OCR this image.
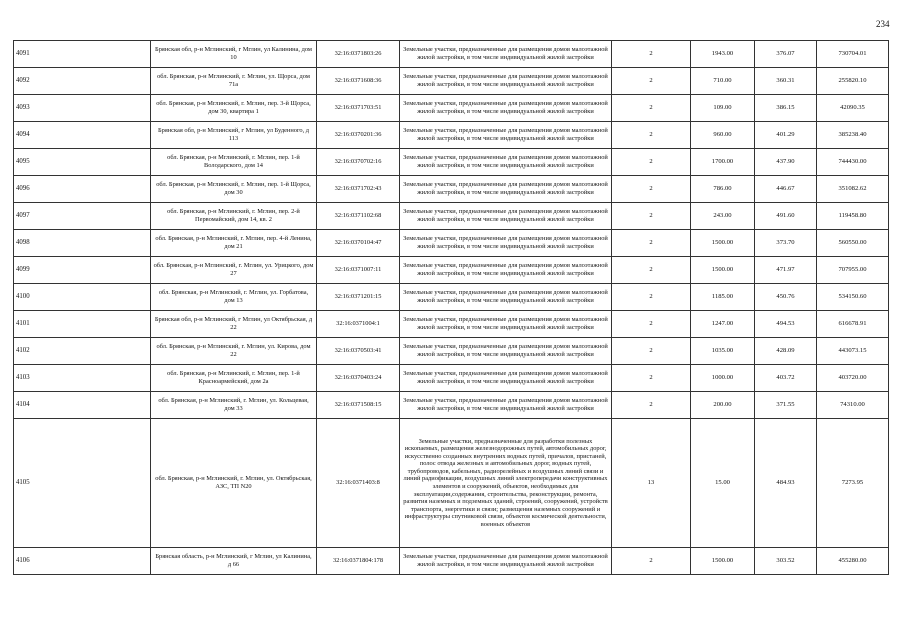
234
4091	Брянская обл, р-н Мглинский, г Мглин, ул Калинина, дом 10	32:16:0371803:26	Земельные участки, предназначенные для размещения домов малоэтажной жилой застройки, в том числе индивидуальной жилой застройки	2	1943.00	376.07	730704.01
4092	обл. Брянская, р-н Мглинский, г. Мглин, ул. Щорса, дом 71а	32:16:0371608:36	Земельные участки, предназначенные для размещения домов малоэтажной жилой застройки, в том числе индивидуальной жилой застройки	2	710.00	360.31	255820.10
4093	обл. Брянская, р-н Мглинский, г. Мглин, пер. 3-й Щорса, дом 30, квартира 1	32:16:0371703:51	Земельные участки, предназначенные для размещения домов малоэтажной жилой застройки, в том числе индивидуальной жилой застройки	2	109.00	386.15	42090.35
4094	Брянская обл, р-н Мглинский, г Мглин, ул Буденного, д 113	32:16:0370201:36	Земельные участки, предназначенные для размещения домов малоэтажной жилой застройки, в том числе индивидуальной жилой застройки	2	960.00	401.29	385238.40
4095	обл. Брянская, р-н Мглинский, г. Мглин, пер. 1-й Володарского, дом 14	32:16:0370702:16	Земельные участки, предназначенные для размещения домов малоэтажной жилой застройки, в том числе индивидуальной жилой застройки	2	1700.00	437.90	744430.00
4096	обл. Брянская, р-н Мглинский, г. Мглин, пер. 1-й Щорса, дом 30	32:16:0371702:43	Земельные участки, предназначенные для размещения домов малоэтажной жилой застройки, в том числе индивидуальной жилой застройки	2	786.00	446.67	351082.62
4097	обл. Брянская, р-н Мглинский, г. Мглин, пер. 2-й Первомайский, дом 14, кв. 2	32:16:0371102:68	Земельные участки, предназначенные для размещения домов малоэтажной жилой застройки, в том числе индивидуальной жилой застройки	2	243.00	491.60	119458.80
4098	обл. Брянская, р-н Мглинский, г. Мглин, пер. 4-й Ленина, дом 21	32:16:0370104:47	Земельные участки, предназначенные для размещения домов малоэтажной жилой застройки, в том числе индивидуальной жилой застройки	2	1500.00	373.70	560550.00
4099	обл. Брянская, р-н Мглинский, г. Мглин, ул. Урицкого, дом 27	32:16:0371007:11	Земельные участки, предназначенные для размещения домов малоэтажной жилой застройки, в том числе индивидуальной жилой застройки	2	1500.00	471.97	707955.00
4100	обл. Брянская, р-н Мглинский, г. Мглин, ул. Горбатова, дом 13	32:16:0371201:15	Земельные участки, предназначенные для размещения домов малоэтажной жилой застройки, в том числе индивидуальной жилой застройки	2	1185.00	450.76	534150.60
4101	Брянская обл, р-н Мглинский, г Мглин, ул Октябрьская, д 22	32:16:0371004:1	Земельные участки, предназначенные для размещения домов малоэтажной жилой застройки, в том числе индивидуальной жилой застройки	2	1247.00	494.53	616678.91
4102	обл. Брянская, р-н Мглинский, г. Мглин, ул. Кирова, дом 22	32:16:0370503:41	Земельные участки, предназначенные для размещения домов малоэтажной жилой застройки, в том числе индивидуальной жилой застройки	2	1035.00	428.09	443073.15
4103	обл. Брянская, р-н Мглинский, г. Мглин, пер. 1-й Красноармейский, дом 2а	32:16:0370403:24	Земельные участки, предназначенные для размещения домов малоэтажной жилой застройки, в том числе индивидуальной жилой застройки	2	1000.00	403.72	403720.00
4104	обл. Брянская, р-н Мглинский, г. Мглин, ул. Кольцевая, дом 33	32:16:0371508:15	Земельные участки, предназначенные для размещения домов малоэтажной жилой застройки, в том числе индивидуальной жилой застройки	2	200.00	371.55	74310.00
4105	обл. Брянская, р-н Мглинский, г. Мглин, ул. Октябрьская, АЗС, ТП N20	32:16:0371403:8	Земельные участки, предназначенные для разработки полезных ископаемых, размещения железнодорожных путей, автомобильных дорог, искусственно созданных внутренних водных путей, причалов, пристаней, полос отвода железных и автомобильных дорог, водных путей, трубопроводов, кабельных, радиорелейных и воздушных линий связи и линий радиофикации, воздушных линий электропередачи конструктивных элементов и сооружений, объектов, необходимых для эксплуатации,содержания, строительства, реконструкции, ремонта, развития наземных и подземных зданий, строений, сооружений, устройств транспорта, энергетики и связи; размещения наземных сооружений и инфраструктуры спутниковой связи, объектов космической деятельности, военных объектов	13	15.00	484.93	7273.95
4106	Брянская область, р-н Мглинский, г Мглин, ул Калинина, д 66	32:16:0371804:178	Земельные участки, предназначенные для размещения домов малоэтажной жилой застройки, в том числе индивидуальной жилой застройки	2	1500.00	303.52	455280.00
